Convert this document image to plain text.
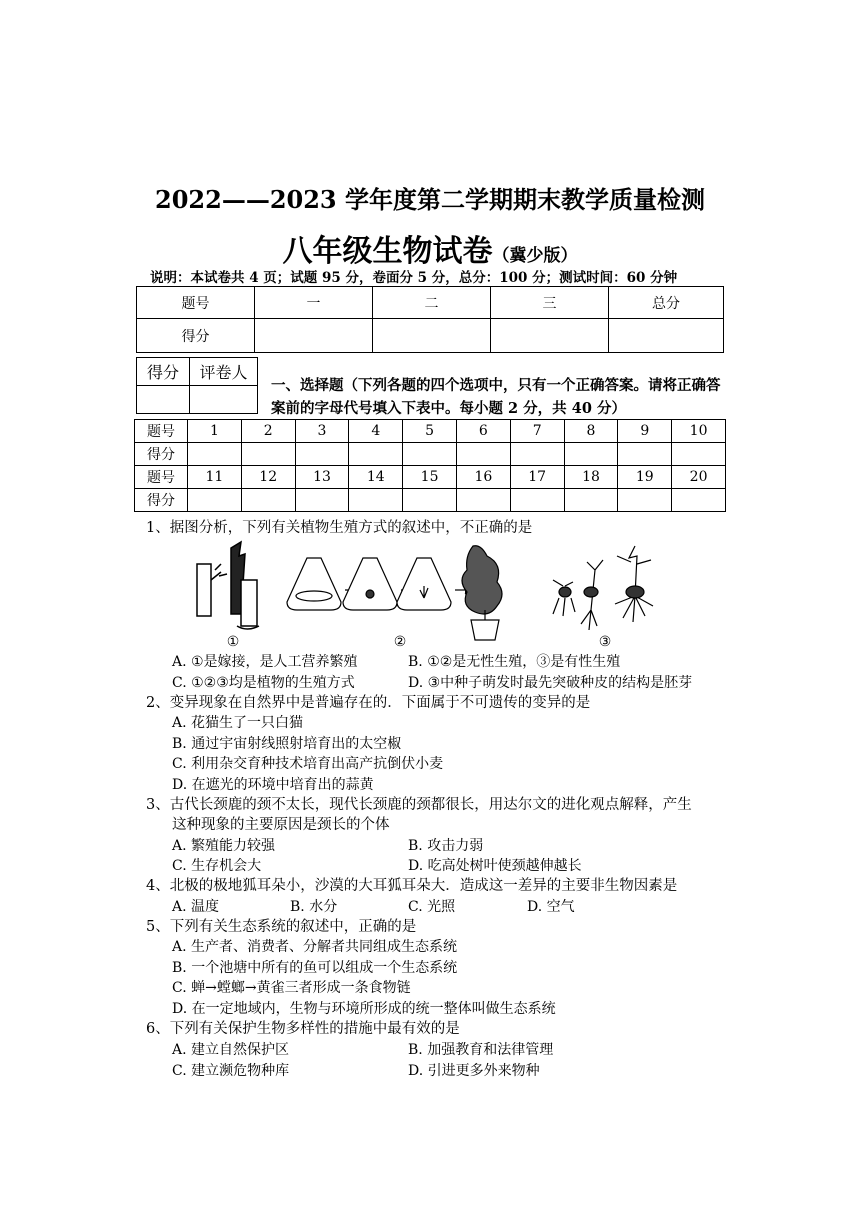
2022——2023 学年度第二学期期末教学质量检测
八年级生物试卷（冀少版）
说明：本试卷共 4 页；试题 95 分，卷面分 5 分，总分：100 分；测试时间：60 分钟
题号	一	二	三	总分
得分				
得分	评卷人

一、选择题（下列各题的四个选项中，只有一个正确答案。请将正确答案前的字母代号填入下表中。每小题 2 分，共 40 分）
题号	1	2	3	4	5	6	7	8	9	10
得分										
题号	11	12	13	14	15	16	17	18	19	20
得分										
1、据图分析，下列有关植物生殖方式的叙述中，不正确的是
①	②	③
A. ①是嫁接，是人工营养繁殖	B. ①②是无性生殖，③是有性生殖
C. ①②③均是植物的生殖方式	D. ③中种子萌发时最先突破种皮的结构是胚芽
2、变异现象在自然界中是普遍存在的．下面属于不可遗传的变异的是
A. 花猫生了一只白猫
B. 通过宇宙射线照射培育出的太空椒
C. 利用杂交育种技术培育出高产抗倒伏小麦
D. 在遮光的环境中培育出的蒜黄
3、古代长颈鹿的颈不太长，现代长颈鹿的颈都很长，用达尔文的进化观点解释，产生
这种现象的主要原因是颈长的个体
A. 繁殖能力较强	B. 攻击力弱
C. 生存机会大	D. 吃高处树叶使颈越伸越长
4、北极的极地狐耳朵小，沙漠的大耳狐耳朵大．造成这一差异的主要非生物因素是
A. 温度	B. 水分	C. 光照	D. 空气
5、下列有关生态系统的叙述中，正确的是
A. 生产者、消费者、分解者共同组成生态系统
B. 一个池塘中所有的鱼可以组成一个生态系统
C. 蝉→螳螂→黄雀三者形成一条食物链
D. 在一定地域内，生物与环境所形成的统一整体叫做生态系统
6、下列有关保护生物多样性的措施中最有效的是
A. 建立自然保护区	B. 加强教育和法律管理
C. 建立濒危物种库	D. 引进更多外来物种
